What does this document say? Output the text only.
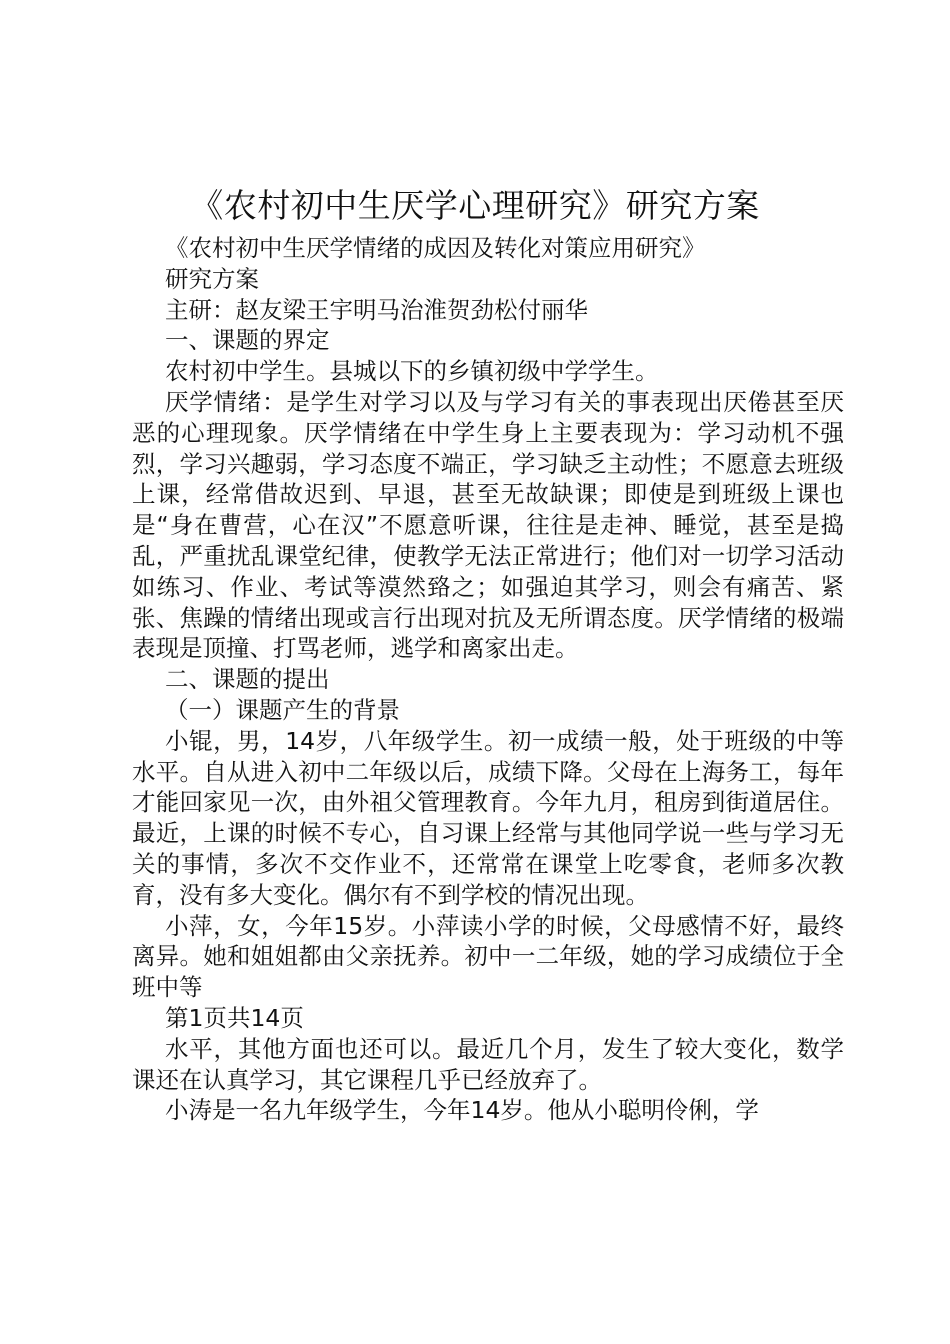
《农村初中生厌学心理研究》研究方案

《农村初中生厌学情绪的成因及转化对策应用研究》

研究方案

主研：赵友梁王宇明马治淮贺劲松付丽华

一、课题的界定

农村初中学生。县城以下的乡镇初级中学学生。

厌学情绪：是学生对学习以及与学习有关的事表现出厌倦甚至厌恶的心理现象。厌学情绪在中学生身上主要表现为：学习动机不强烈，学习兴趣弱，学习态度不端正，学习缺乏主动性；不愿意去班级上课，经常借故迟到、早退，甚至无故缺课；即使是到班级上课也是“身在曹营，心在汉”不愿意听课，往往是走神、睡觉，甚至是捣乱，严重扰乱课堂纪律，使教学无法正常进行；他们对一切学习活动如练习、作业、考试等漠然臵之；如强迫其学习，则会有痛苦、紧张、焦躁的情绪出现或言行出现对抗及无所谓态度。厌学情绪的极端表现是顶撞、打骂老师，逃学和离家出走。

二、课题的提出

（一）课题产生的背景

小锟，男，14岁，八年级学生。初一成绩一般，处于班级的中等水平。自从进入初中二年级以后，成绩下降。父母在上海务工，每年才能回家见一次，由外祖父管理教育。今年九月，租房到街道居住。最近，上课的时候不专心，自习课上经常与其他同学说一些与学习无关的事情，多次不交作业不，还常常在课堂上吃零食，老师多次教育，没有多大变化。偶尔有不到学校的情况出现。

小萍，女，今年15岁。小萍读小学的时候，父母感情不好，最终离异。她和姐姐都由父亲抚养。初中一二年级，她的学习成绩位于全班中等

第1页共14页

水平，其他方面也还可以。最近几个月，发生了较大变化，数学课还在认真学习，其它课程几乎已经放弃了。

小涛是一名九年级学生，今年14岁。他从小聪明伶俐，学
